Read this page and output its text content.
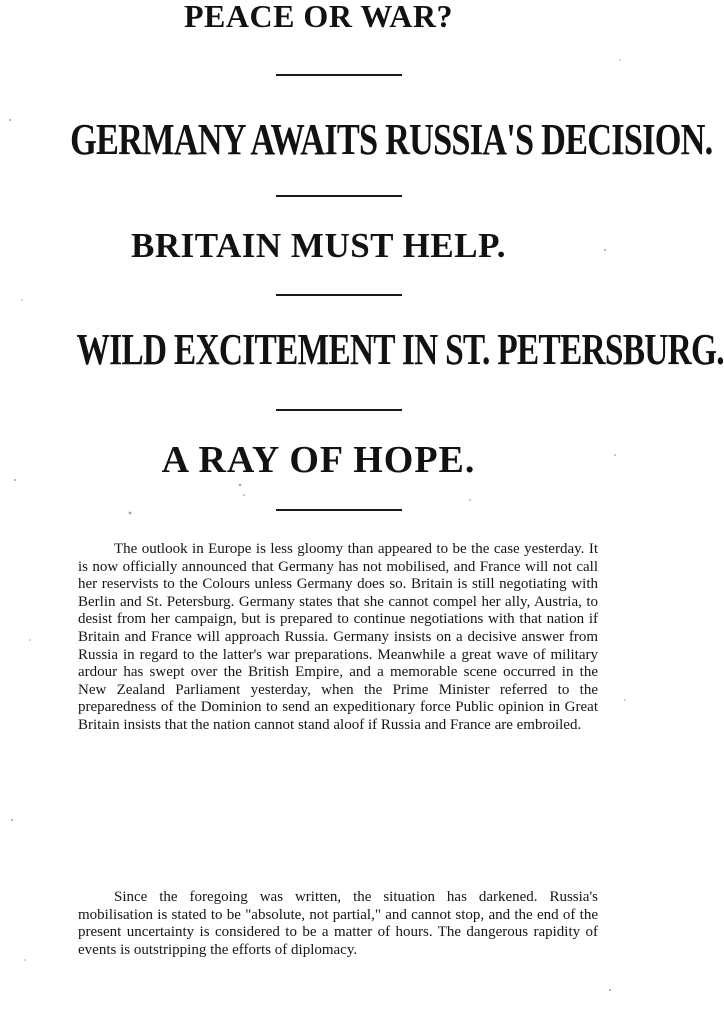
PEACE OR WAR?
GERMANY AWAITS RUSSIA'S DECISION.
BRITAIN MUST HELP.
WILD EXCITEMENT IN ST. PETERSBURG.
A RAY OF HOPE.

The outlook in Europe is less gloomy than appeared to be the case yesterday. It is now officially announced that Germany has not mobilised, and France will not call her reservists to the Colours unless Germany does so. Britain is still negotiating with Berlin and St. Petersburg. Germany states that she cannot compel her ally, Austria, to desist from her campaign, but is prepared to continue negotiations with that nation if Britain and France will approach Russia. Germany insists on a decisive answer from Russia in regard to the latter's war preparations. Meanwhile a great wave of military ardour has swept over the British Empire, and a memorable scene occurred in the New Zealand Parliament yesterday, when the Prime Minister referred to the preparedness of the Dominion to send an expeditionary force Public opinion in Great Britain insists that the nation cannot stand aloof if Russia and France are embroiled.

Since the foregoing was written, the situation has darkened. Russia's mobilisation is stated to be "absolute, not partial," and cannot stop, and the end of the present uncertainty is considered to be a matter of hours. The dangerous rapidity of events is outstripping the efforts of diplomacy.
